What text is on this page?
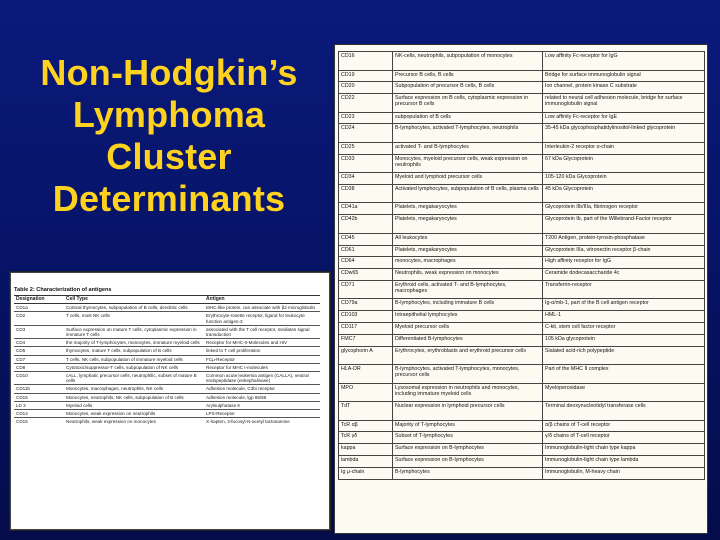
Non-Hodgkin’s
Lymphoma
Cluster
Determinants
Table 2: Characterization of antigens
Designation	Cell Type	Antigen
CD1a	Cortical thymocytes, subpopulation of B cells, dendritic cells	MHC-like protein, can associate with β2 microglobulin
CD2	T cells, most NK cells	Erythrocyte-rosette receptor, ligand for leukocyte function antigen-3
CD3	Surface expression on mature T cells, cytoplasmic expression in immature T cells	associated with the T cell receptor, mediates signal transduction
CD4	the majority of T-lymphocytes, monocytes, immature myeloid cells	Receptor for MHC-II-Molecules and HIV
CD5	thymocytes, mature T cells, subpopulation of B cells	linked to T cell proliferation
CD7	T cells, NK cells, subpopulation of immature myeloid cells	FCμ-Receptor
CD8	Cytotoxic/suppressor-T cells, subpopulation of NK cells	Receptor for MHC I-molecules
CD10	cALL, lymphatic precursor cells, neutrophilic, subset of mature B cells	Common acute leukemia antigen (CALLA), neutral endopeptidase (enkephalinase)
CD11b	Monocytes, macrophages, neutrophils, NK cells	Adhesion molecule, C3bi receptor
CD15	Monocytes, neutrophils, NK cells, subpopulation of B cells	Adhesion molecule, lgp 95/95
LD 3	Myeloid cells	Arylsulphatase K
CD14	Monocytes, weak expression on neutrophils	LPS-Receptor
CD15	Neutrophils, weak expression on monocytes	X-hapten, 3-fucosyl-N-acetyl lactosamine
CD16	NK-cells, neutrophils, subpopulation of monocytes	Low affinity Fc-receptor for IgG
CD19	Precursor B cells, B cells	Bridge for surface immunoglobulin signal
CD20	Subpopulation of precursor B cells, B cells	Ion channel, protein kinase C substrate
CD22	Surface expression on B cells, cytoplasmic expression in precursor B cells	related to neural cell adhesion molecule, bridge for surface immunoglobulin signal
CD23	subpopulation of B cells	Low affinity Fc-receptor for IgE
CD24	B-lymphocytes, activated T-lymphocytes, neutrophils	35-45 kDa glycophosphatidylinositol-linked glycoprotein
CD25	activated T- and B-lymphocytes	Interleukin-2 receptor α-chain
CD33	Monocytes, myeloid precursor cells, weak expression on neutrophils	67 kDa Glycoprotein
CD34	Myeloid and lymphoid precursor cells	105-120 kDa Glycoprotein
CD38	Activated lymphocytes, subpopulation of B cells, plasma cells	45 kDa Glycoprotein
CD41a	Platelets, megakaryocytes	Glycoprotein IIb/IIIa, fibrinogen receptor
CD42b	Platelets, megakaryocytes	Glycoprotein Ib, part of the Willebrand-Factor receptor
CD45	All leukocytes	T200 Antigen, protein-tyrosin-phosphatase
CD61	Platelets, megakaryocytes	Glycoprotein IIIa, vitronectin receptor β-chain
CD64	monocytes, macrophages	High affinity receptor for IgG
CDw65	Neutrophils, weak expression on monocytes	Ceramide dodecasaccharide 4c
CD71	Erythroid cells, activated T- and B-lymphocytes, macrophages	Transferrin-receptor
CD79a	B-lymphocytes, including immature B cells	Ig-α/mb-1, part of the B cell antigen receptor
CD103	Intraepithelial lymphocytes	HML-1
CD117	Myeloid precursor cells	C-kit, stem cell factor receptor
FMC7	Differentiated B-lymphocytes	105 kDa glycoprotein
glycophorin A	Erythrocytes, erythroblasts and erythroid precursor cells	Sialated acid-rich polypeptide
HLA-DR	B-lymphocytes, activated T-lymphocytes, monocytes, precursor cells	Part of the MHC II complex
MPO	Lysosomal expression in neutrophils and monocytes, including immature myeloid cells	Myeloperoxidase
TdT	Nuclear expression in lymphoid precursor cells	Terminal deoxynucleotidyl transferase cells
TcR αβ	Majority of T-lymphocytes	α/β chains of T-cell receptor
TcR γδ	Subset of T-lymphocytes	γ/δ chains of T-cell receptor
kappa	Surface expression on B-lymphocytes	Immunoglobulin-light chain type kappa
lambda	Surface expression on B-lymphocytes	Immunoglobulin-light chain type lambda
Ig μ-chain	B-lymphocytes	Immunoglobulin, M-heavy chain
